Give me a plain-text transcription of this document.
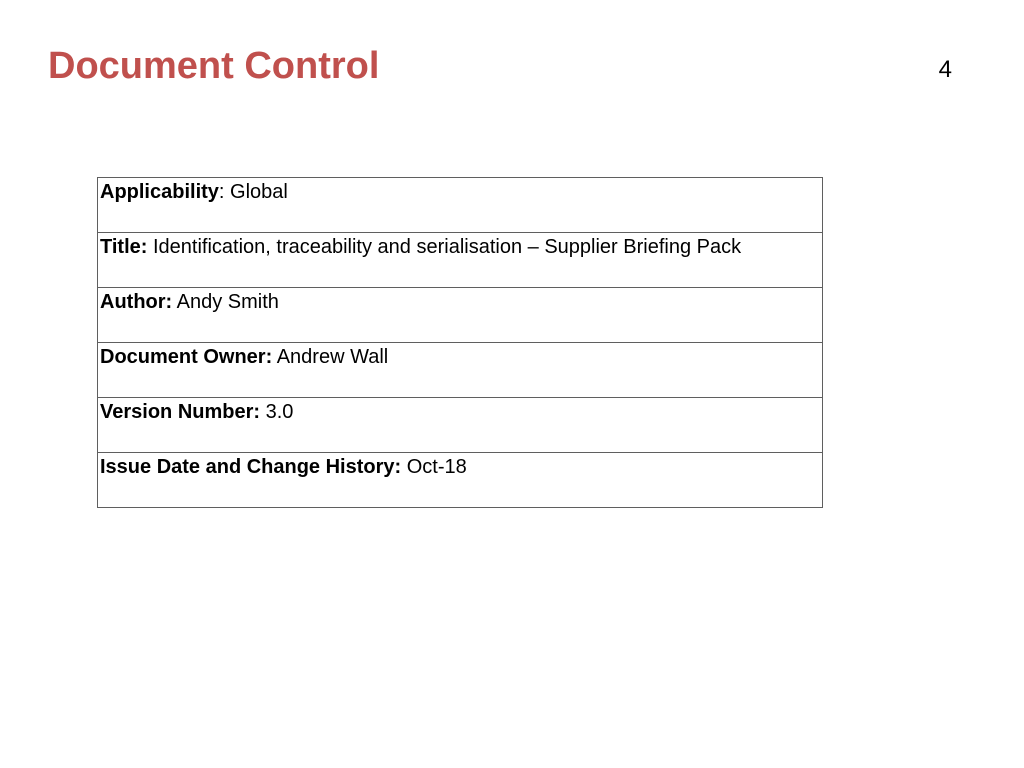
Document Control	4
Applicability: Global
Title: Identification, traceability and serialisation – Supplier Briefing Pack
Author: Andy Smith
Document Owner: Andrew Wall
Version Number: 3.0
Issue Date and Change History: Oct-18
